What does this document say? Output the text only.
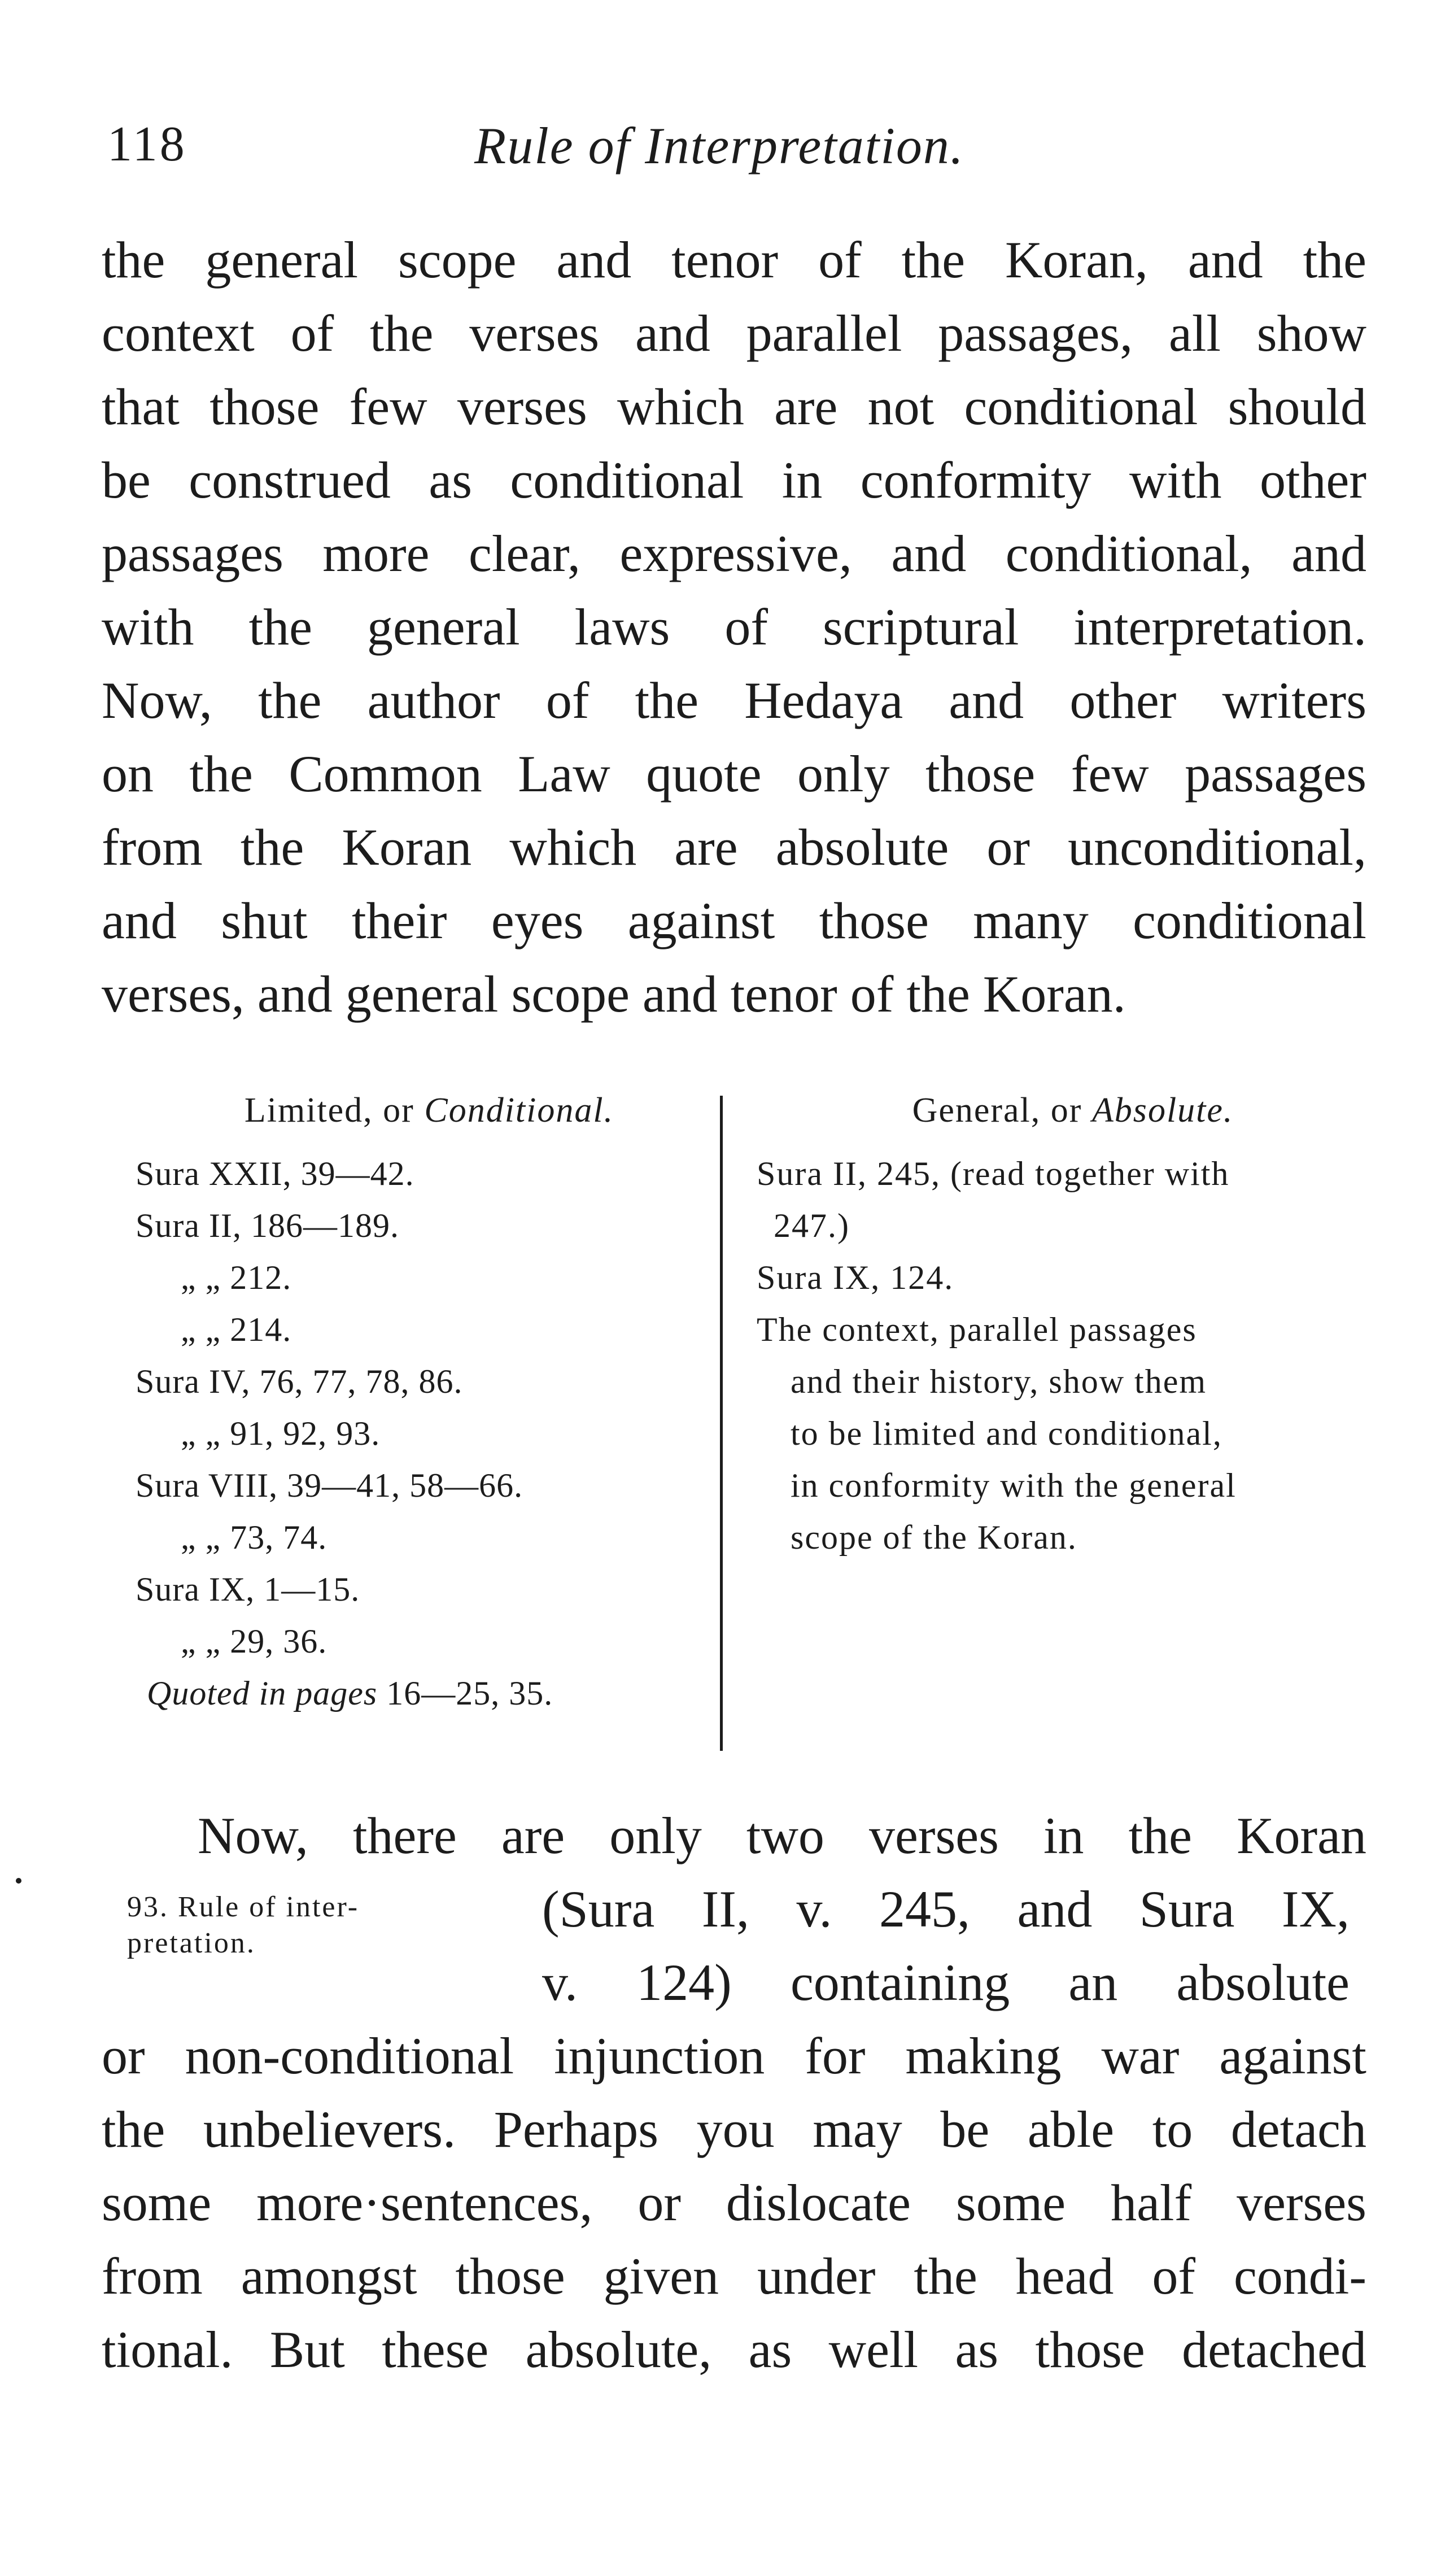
118	Rule of Interpretation.
the general scope and tenor of the Koran, and the
context of the verses and parallel passages, all show
that those few verses which are not conditional should
be construed as conditional in conformity with other
passages more clear, expressive, and conditional, and
with the general laws of scriptural interpretation.
Now, the author of the Hedaya and other writers
on the Common Law quote only those few passages
from the Koran which are absolute or unconditional,
and shut their eyes against those many conditional
verses, and general scope and tenor of the Koran.
Limited, or Conditional.
Sura XXII, 39—42.
Sura II, 186—189.
„ „ 212.
„ „ 214.
Sura IV, 76, 77, 78, 86.
„ „ 91, 92, 93.
Sura VIII, 39—41, 58—66.
„ „ 73, 74.
Sura IX, 1—15.
„ „ 29, 36.
Quoted in pages 16—25, 35.
General, or Absolute.
Sura II, 245, (read together with
247.)
Sura IX, 124.
The context, parallel passages
and their history, show them
to be limited and conditional,
in conformity with the general
scope of the Koran.
93. Rule of inter-
pretation.
Now, there are only two verses in the Koran
(Sura II, v. 245, and Sura IX,
v. 124) containing an absolute
or non-conditional injunction for making war against
the unbelievers. Perhaps you may be able to detach
some more·sentences, or dislocate some half verses
from amongst those given under the head of condi-
tional. But these absolute, as well as those detached
